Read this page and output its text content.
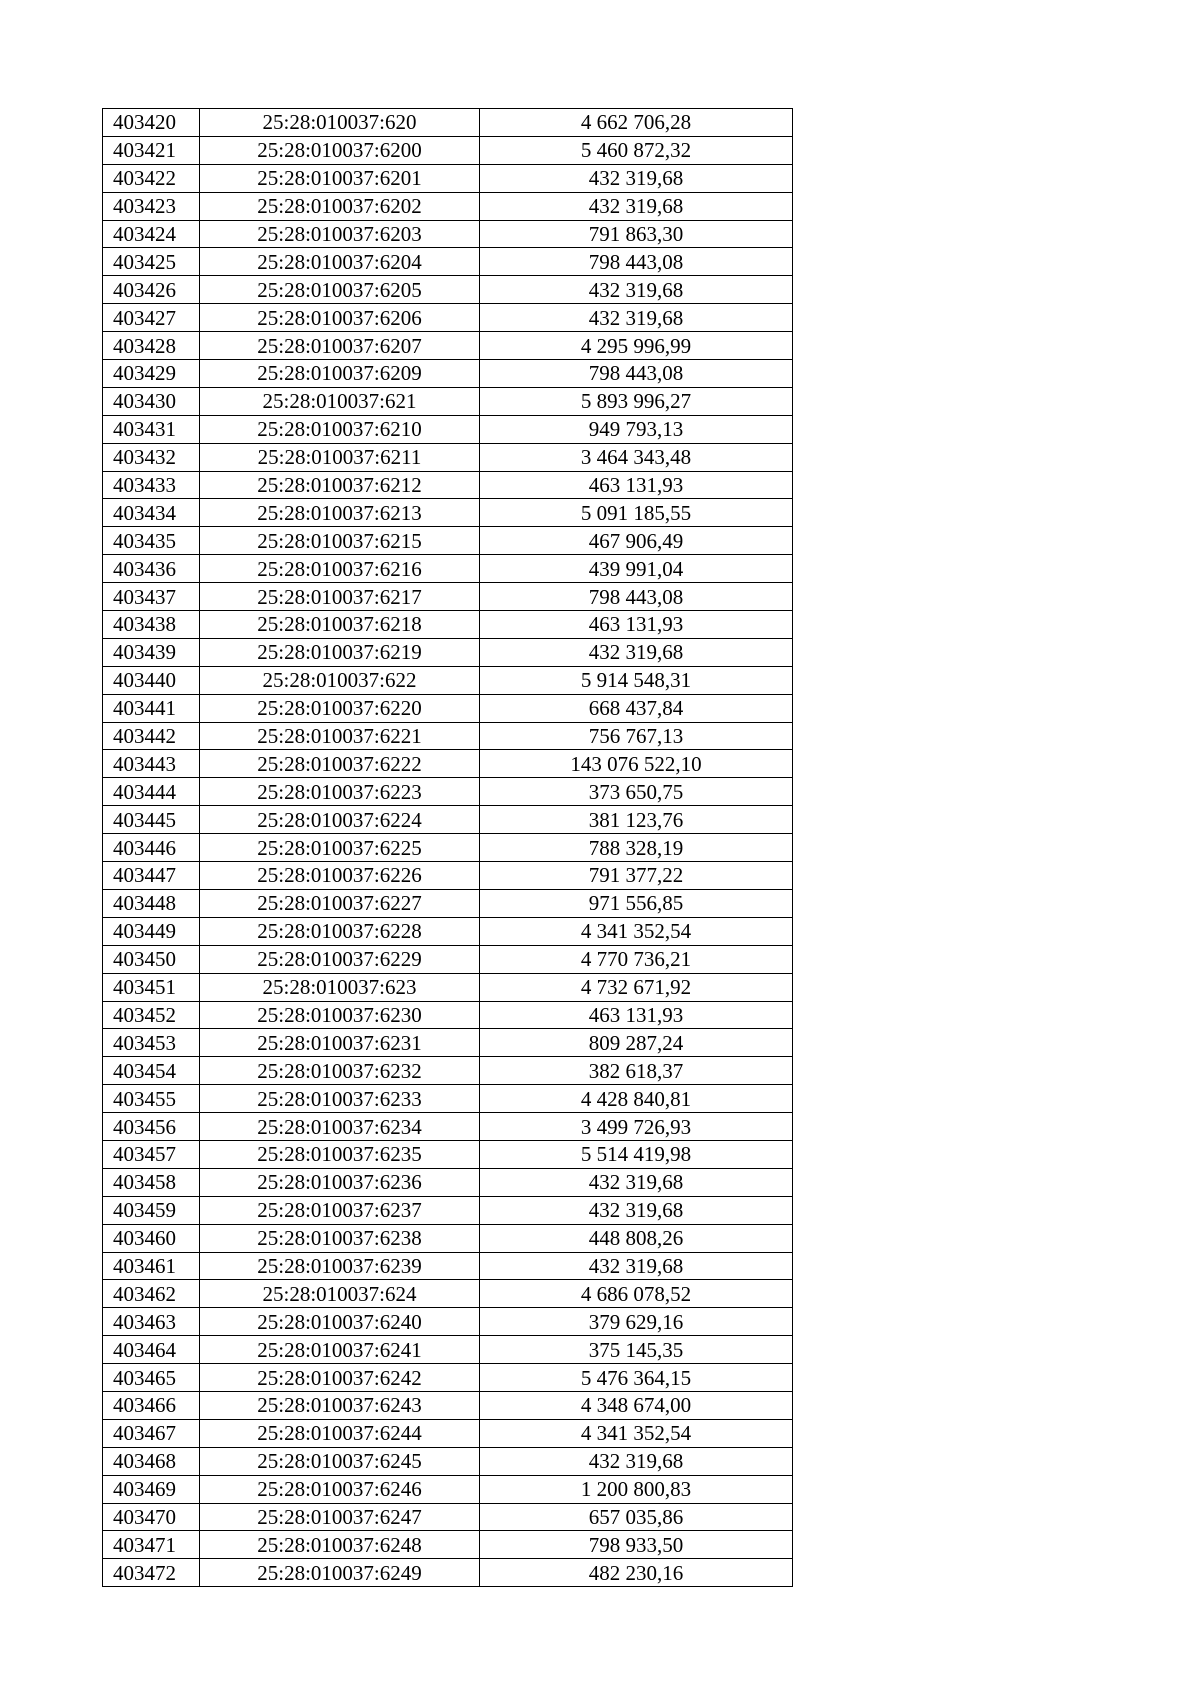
403420	25:28:010037:620	4 662 706,28
403421	25:28:010037:6200	5 460 872,32
403422	25:28:010037:6201	432 319,68
403423	25:28:010037:6202	432 319,68
403424	25:28:010037:6203	791 863,30
403425	25:28:010037:6204	798 443,08
403426	25:28:010037:6205	432 319,68
403427	25:28:010037:6206	432 319,68
403428	25:28:010037:6207	4 295 996,99
403429	25:28:010037:6209	798 443,08
403430	25:28:010037:621	5 893 996,27
403431	25:28:010037:6210	949 793,13
403432	25:28:010037:6211	3 464 343,48
403433	25:28:010037:6212	463 131,93
403434	25:28:010037:6213	5 091 185,55
403435	25:28:010037:6215	467 906,49
403436	25:28:010037:6216	439 991,04
403437	25:28:010037:6217	798 443,08
403438	25:28:010037:6218	463 131,93
403439	25:28:010037:6219	432 319,68
403440	25:28:010037:622	5 914 548,31
403441	25:28:010037:6220	668 437,84
403442	25:28:010037:6221	756 767,13
403443	25:28:010037:6222	143 076 522,10
403444	25:28:010037:6223	373 650,75
403445	25:28:010037:6224	381 123,76
403446	25:28:010037:6225	788 328,19
403447	25:28:010037:6226	791 377,22
403448	25:28:010037:6227	971 556,85
403449	25:28:010037:6228	4 341 352,54
403450	25:28:010037:6229	4 770 736,21
403451	25:28:010037:623	4 732 671,92
403452	25:28:010037:6230	463 131,93
403453	25:28:010037:6231	809 287,24
403454	25:28:010037:6232	382 618,37
403455	25:28:010037:6233	4 428 840,81
403456	25:28:010037:6234	3 499 726,93
403457	25:28:010037:6235	5 514 419,98
403458	25:28:010037:6236	432 319,68
403459	25:28:010037:6237	432 319,68
403460	25:28:010037:6238	448 808,26
403461	25:28:010037:6239	432 319,68
403462	25:28:010037:624	4 686 078,52
403463	25:28:010037:6240	379 629,16
403464	25:28:010037:6241	375 145,35
403465	25:28:010037:6242	5 476 364,15
403466	25:28:010037:6243	4 348 674,00
403467	25:28:010037:6244	4 341 352,54
403468	25:28:010037:6245	432 319,68
403469	25:28:010037:6246	1 200 800,83
403470	25:28:010037:6247	657 035,86
403471	25:28:010037:6248	798 933,50
403472	25:28:010037:6249	482 230,16
